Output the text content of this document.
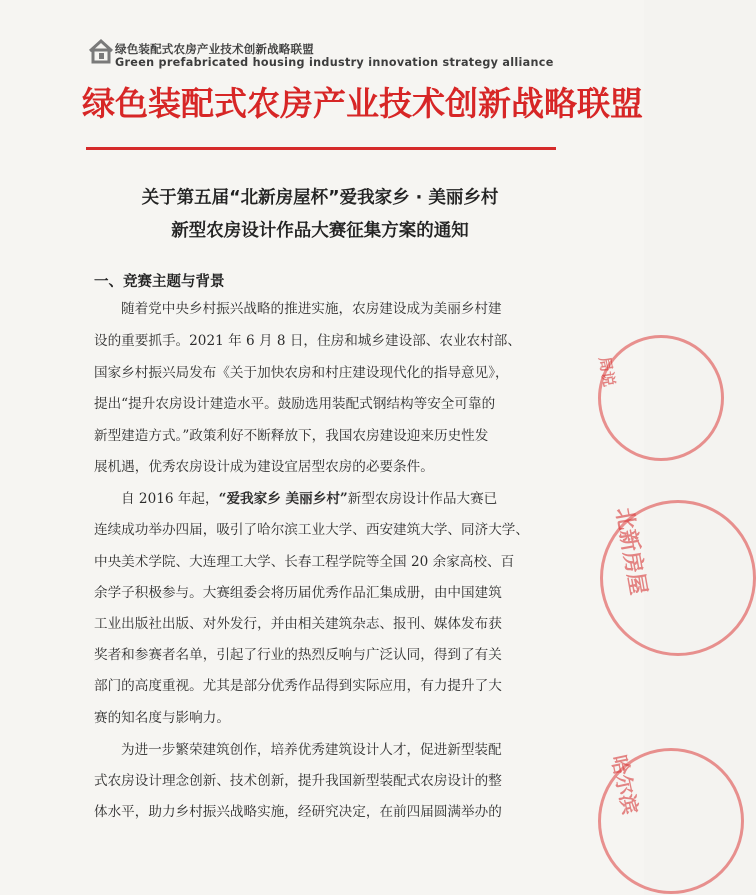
绿色装配式农房产业技术创新战略联盟
Green prefabricated housing industry innovation strategy alliance
绿色装配式农房产业技术创新战略联盟
关于第五届“北新房屋杯”爱我家乡 · 美丽乡村
新型农房设计作品大赛征集方案的通知
一、竞赛主题与背景
随着党中央乡村振兴战略的推进实施，农房建设成为美丽乡村建
设的重要抓手。2021 年 6 月 8 日，住房和城乡建设部、农业农村部、
国家乡村振兴局发布《关于加快农房和村庄建设现代化的指导意见》，
提出“提升农房设计建造水平。鼓励选用装配式钢结构等安全可靠的
新型建造方式。”政策利好不断释放下，我国农房建设迎来历史性发
展机遇，优秀农房设计成为建设宜居型农房的必要条件。
自 2016 年起，“爱我家乡 美丽乡村”新型农房设计作品大赛已
连续成功举办四届，吸引了哈尔滨工业大学、西安建筑大学、同济大学、
中央美术学院、大连理工大学、长春工程学院等全国 20 余家高校、百
余学子积极参与。大赛组委会将历届优秀作品汇集成册，由中国建筑
工业出版社出版、对外发行，并由相关建筑杂志、报刊、媒体发布获
奖者和参赛者名单，引起了行业的热烈反响与广泛认同，得到了有关
部门的高度重视。尤其是部分优秀作品得到实际应用，有力提升了大
赛的知名度与影响力。
为进一步繁荣建筑创作，培养优秀建筑设计人才，促进新型装配
式农房设计理念创新、技术创新，提升我国新型装配式农房设计的整
体水平，助力乡村振兴战略实施，经研究决定，在前四届圆满举办的
局说
北新房屋
哈尔滨
